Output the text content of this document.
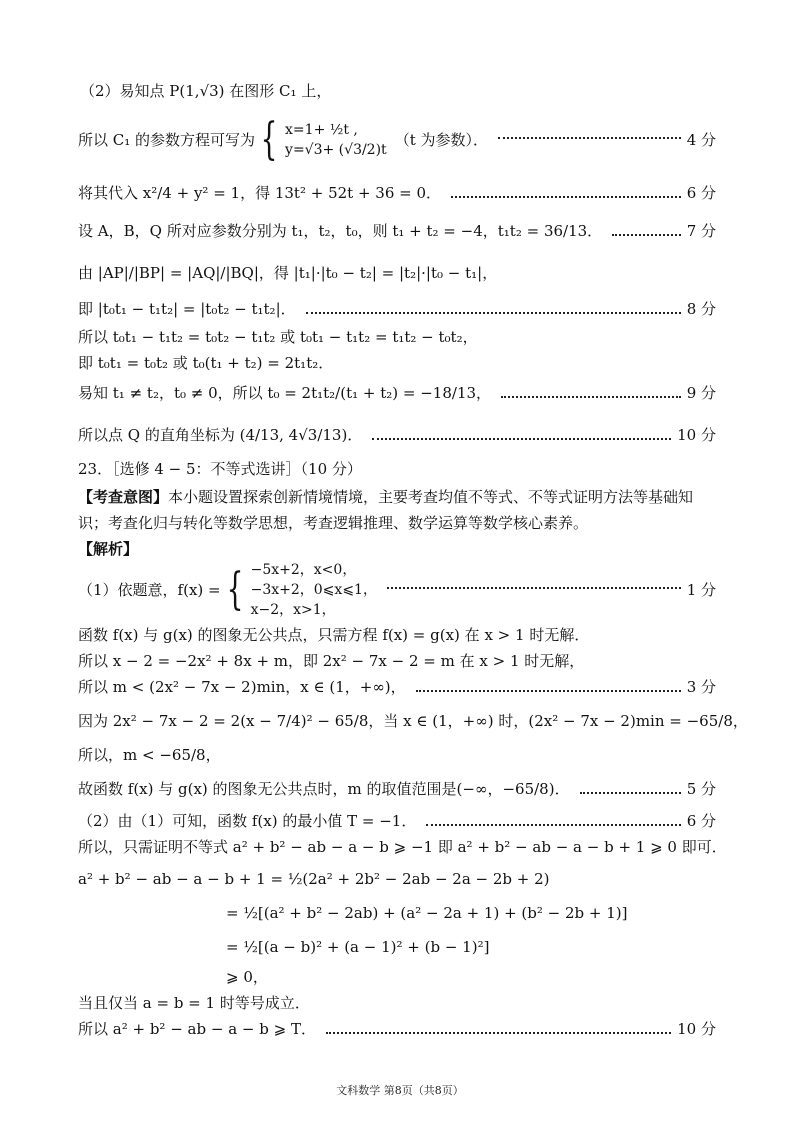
（2）易知点 P(1,√3) 在图形 C₁ 上，
所以 C₁ 的参数方程可写为 { x=1+ ½t ,
y=√3+ (√3/2)t
（t 为参数）．	4 分
将其代入 x²/4 + y² = 1，得 13t² + 52t + 36 = 0．	6 分
设 A，B，Q 所对应参数分别为 t₁，t₂，t₀，则 t₁ + t₂ = −4，t₁t₂ = 36/13．	7 分
由 |AP|/|BP| = |AQ|/|BQ|，得 |t₁|·|t₀ − t₂| = |t₂|·|t₀ − t₁|，
即 |t₀t₁ − t₁t₂| = |t₀t₂ − t₁t₂|．	8 分
所以 t₀t₁ − t₁t₂ = t₀t₂ − t₁t₂ 或 t₀t₁ − t₁t₂ = t₁t₂ − t₀t₂，
即 t₀t₁ = t₀t₂ 或 t₀(t₁ + t₂) = 2t₁t₂．
易知 t₁ ≠ t₂，t₀ ≠ 0，所以 t₀ = 2t₁t₂/(t₁ + t₂) = −18/13，	9 分
所以点 Q 的直角坐标为 (4/13, 4√3/13)．	10 分
23．［选修 4 − 5：不等式选讲］（10 分）
【考查意图】本小题设置探索创新情境情境，主要考查均值不等式、不等式证明方法等基础知
识；考查化归与转化等数学思想，考查逻辑推理、数学运算等数学核心素养。
【解析】
（1）依题意，f(x) = { −5x+2，x<0，
−3x+2，0⩽x⩽1，
x−2，x>1，
1 分
函数 f(x) 与 g(x) 的图象无公共点，只需方程 f(x) = g(x) 在 x > 1 时无解．
所以 x − 2 = −2x² + 8x + m，即 2x² − 7x − 2 = m 在 x > 1 时无解，
所以 m < (2x² − 7x − 2)min，x ∈ (1，+∞)，	3 分
因为 2x² − 7x − 2 = 2(x − 7/4)² − 65/8，当 x ∈ (1，+∞) 时，(2x² − 7x − 2)min = −65/8，
所以，m < −65/8，
故函数 f(x) 与 g(x) 的图象无公共点时，m 的取值范围是(−∞，−65/8)．	5 分
（2）由（1）可知，函数 f(x) 的最小值 T = −1．	6 分
所以，只需证明不等式 a² + b² − ab − a − b ⩾ −1 即 a² + b² − ab − a − b + 1 ⩾ 0 即可．
a² + b² − ab − a − b + 1 = ½(2a² + 2b² − 2ab − 2a − 2b + 2)
= ½[(a² + b² − 2ab) + (a² − 2a + 1) + (b² − 2b + 1)]
= ½[(a − b)² + (a − 1)² + (b − 1)²]
⩾ 0，
当且仅当 a = b = 1 时等号成立．
所以 a² + b² − ab − a − b ⩾ T．	10 分
文科数学 第8页（共8页）
